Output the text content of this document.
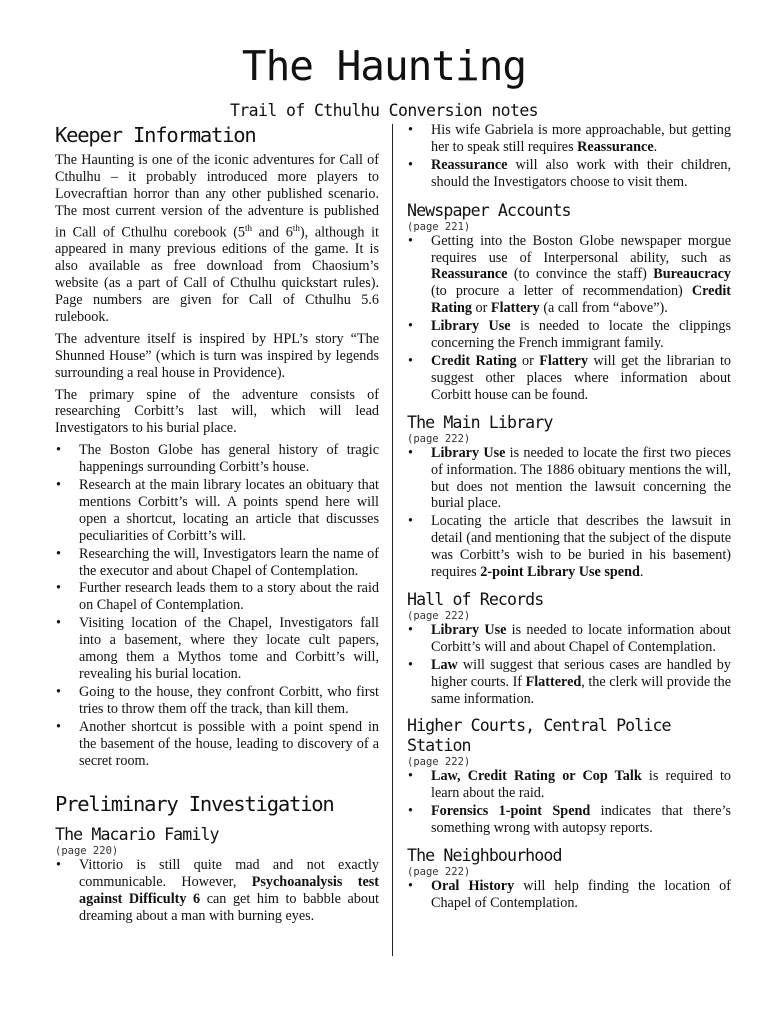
The Haunting
Trail of Cthulhu Conversion notes
Keeper Information

The Haunting is one of the iconic adventures for Call of Cthulhu – it probably introduced more players to Lovecraftian horror than any other published scenario. The most current version of the adventure is published in Call of Cthulhu corebook (5th and 6th), although it appeared in many previous editions of the game. It is also available as free download from Chaosium’s website (as a part of Call of Cthulhu quickstart rules). Page numbers are given for Call of Cthulhu 5.6 rulebook.

The adventure itself is inspired by HPL’s story “The Shunned House” (which is turn was inspired by legends surrounding a real house in Providence).

The primary spine of the adventure consists of researching Corbitt’s last will, which will lead Investigators to his burial place.

• The Boston Globe has general history of tragic happenings surrounding Corbitt’s house.
• Research at the main library locates an obituary that mentions Corbitt’s will. A points spend here will open a shortcut, locating an article that discusses peculiarities of Corbitt’s will.
• Researching the will, Investigators learn the name of the executor and about Chapel of Contemplation.
• Further research leads them to a story about the raid on Chapel of Contemplation.
• Visiting location of the Chapel, Investigators fall into a basement, where they locate cult papers, among them a Mythos tome and Corbitt’s will, revealing his burial location.
• Going to the house, they confront Corbitt, who first tries to throw them off the track, than kill them.
• Another shortcut is possible with a point spend in the basement of the house, leading to discovery of a secret room.
Preliminary Investigation
The Macario Family
(page 220)
• Vittorio is still quite mad and not exactly communicable. However, Psychoanalysis test against Difficulty 6 can get him to babble about dreaming about a man with burning eyes.
• His wife Gabriela is more approachable, but getting her to speak still requires Reassurance.
• Reassurance will also work with their children, should the Investigators choose to visit them.
Newspaper Accounts
(page 221)
• Getting into the Boston Globe newspaper morgue requires use of Interpersonal ability, such as Reassurance (to convince the staff) Bureaucracy (to procure a letter of recommendation) Credit Rating or Flattery (a call from “above”).
• Library Use is needed to locate the clippings concerning the French immigrant family.
• Credit Rating or Flattery will get the librarian to suggest other places where information about Corbitt house can be found.
The Main Library
(page 222)
• Library Use is needed to locate the first two pieces of information. The 1886 obituary mentions the will, but does not mention the lawsuit concerning the burial place.
• Locating the article that describes the lawsuit in detail (and mentioning that the subject of the dispute was Corbitt’s wish to be buried in his basement) requires 2-point Library Use spend.
Hall of Records
(page 222)
• Library Use is needed to locate information about Corbitt’s will and about Chapel of Contemplation.
• Law will suggest that serious cases are handled by higher courts. If Flattered, the clerk will provide the same information.
Higher Courts, Central Police Station
(page 222)
• Law, Credit Rating or Cop Talk is required to learn about the raid.
• Forensics 1-point Spend indicates that there’s something wrong with autopsy reports.
The Neighbourhood
(page 222)
• Oral History will help finding the location of Chapel of Contemplation.
